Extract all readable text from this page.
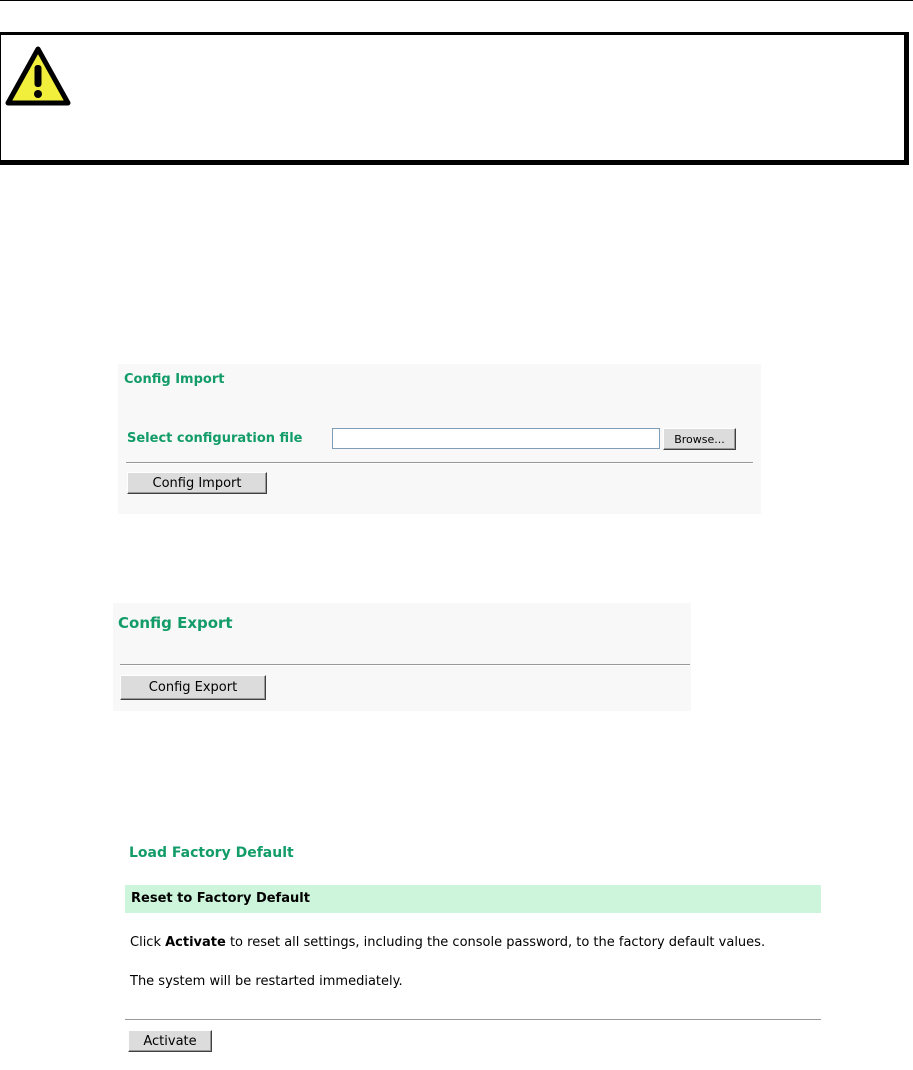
Config Import
Select configuration file	Browse...
Config Import
Config Export
Config Export
Load Factory Default
Reset to Factory Default
Click Activate to reset all settings, including the console password, to the factory default values.
The system will be restarted immediately.
Activate
